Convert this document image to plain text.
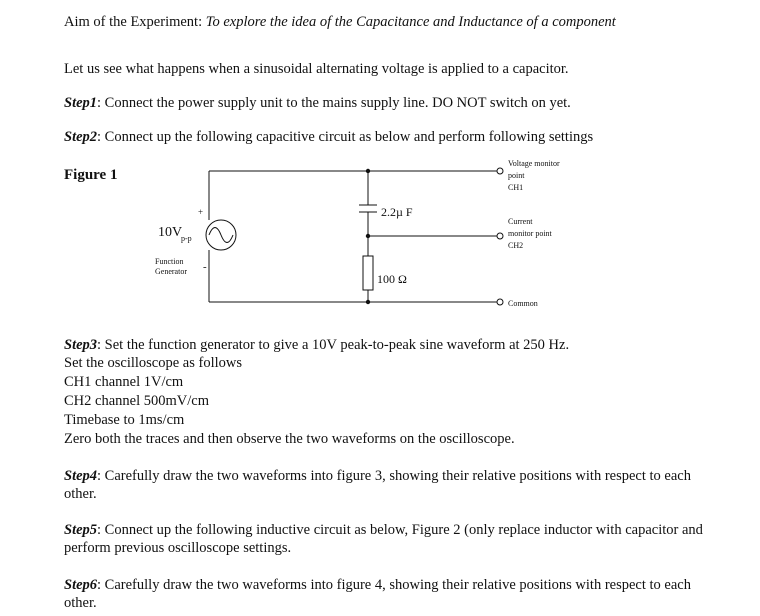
Aim of the Experiment: To explore the idea of the Capacitance and Inductance of a component
Let us see what happens when a sinusoidal alternating voltage is applied to a capacitor.
Step1: Connect the power supply unit to the mains supply line. DO NOT switch on yet.
Step2: Connect up the following capacitive circuit as below and perform following settings
Figure 1
+
-
10V
p-p
Function
Generator
2.2µ F
100 Ω
Voltage monitor
point
CH1
Current
monitor point
CH2
Common
Step3: Set the function generator to give a 10V peak-to-peak sine waveform at 250 Hz.
Set the oscilloscope as follows
CH1 channel 1V/cm
CH2 channel 500mV/cm
Timebase to 1ms/cm
Zero both the traces and then observe the two waveforms on the oscilloscope.
Step4: Carefully draw the two waveforms into figure 3, showing their relative positions with respect to each other.
Step5: Connect up the following inductive circuit as below, Figure 2 (only replace inductor with capacitor and perform previous oscilloscope settings.
Step6: Carefully draw the two waveforms into figure 4, showing their relative positions with respect to each other.
